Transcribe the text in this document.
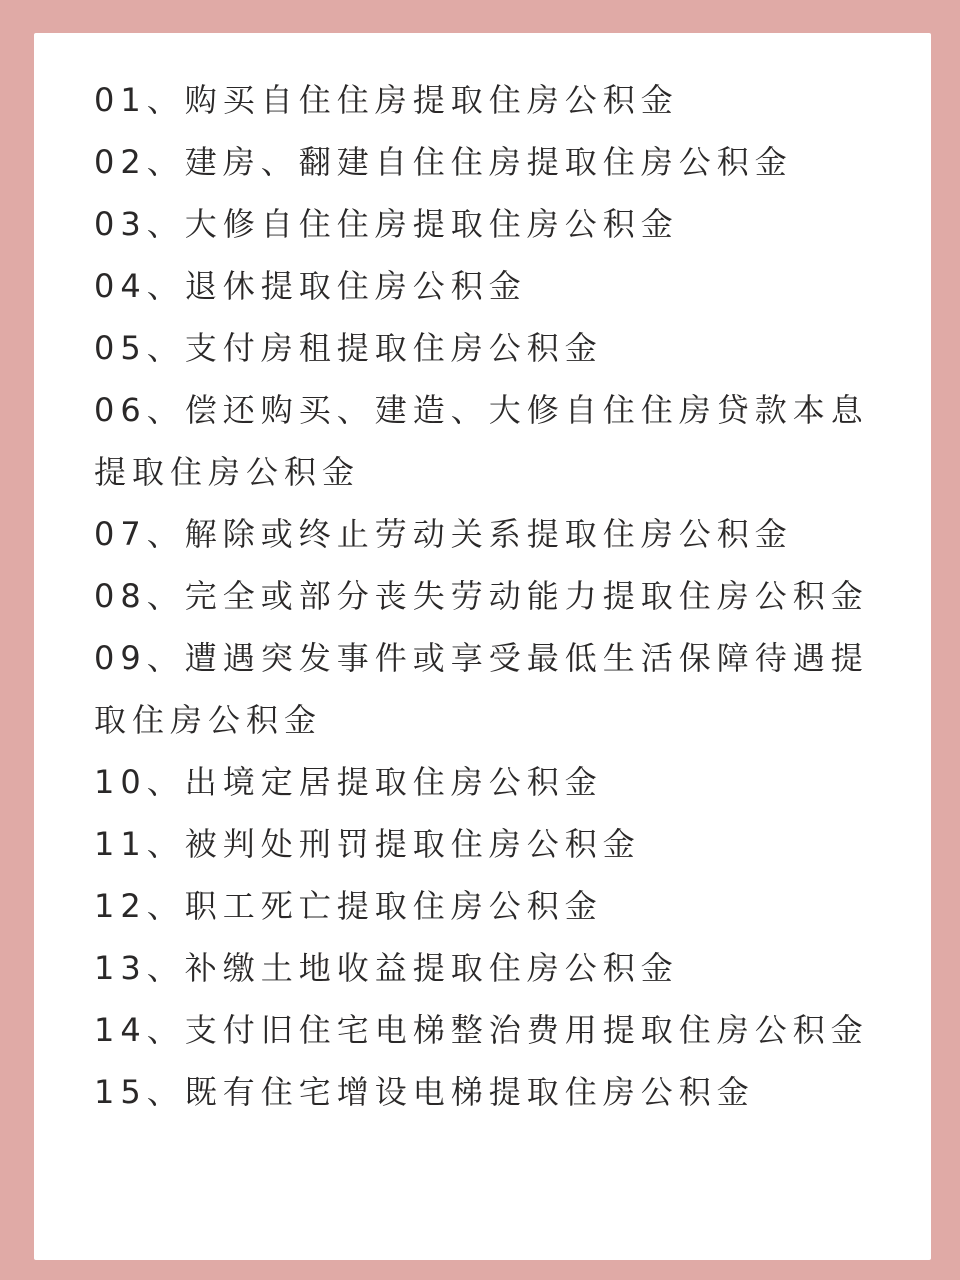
01、购买自住住房提取住房公积金
02、建房、翻建自住住房提取住房公积金
03、大修自住住房提取住房公积金
04、退休提取住房公积金
05、支付房租提取住房公积金
06、偿还购买、建造、大修自住住房贷款本息提取住房公积金
07、解除或终止劳动关系提取住房公积金
08、完全或部分丧失劳动能力提取住房公积金
09、遭遇突发事件或享受最低生活保障待遇提取住房公积金
10、出境定居提取住房公积金
11、被判处刑罚提取住房公积金
12、职工死亡提取住房公积金
13、补缴土地收益提取住房公积金
14、支付旧住宅电梯整治费用提取住房公积金
15、既有住宅增设电梯提取住房公积金
